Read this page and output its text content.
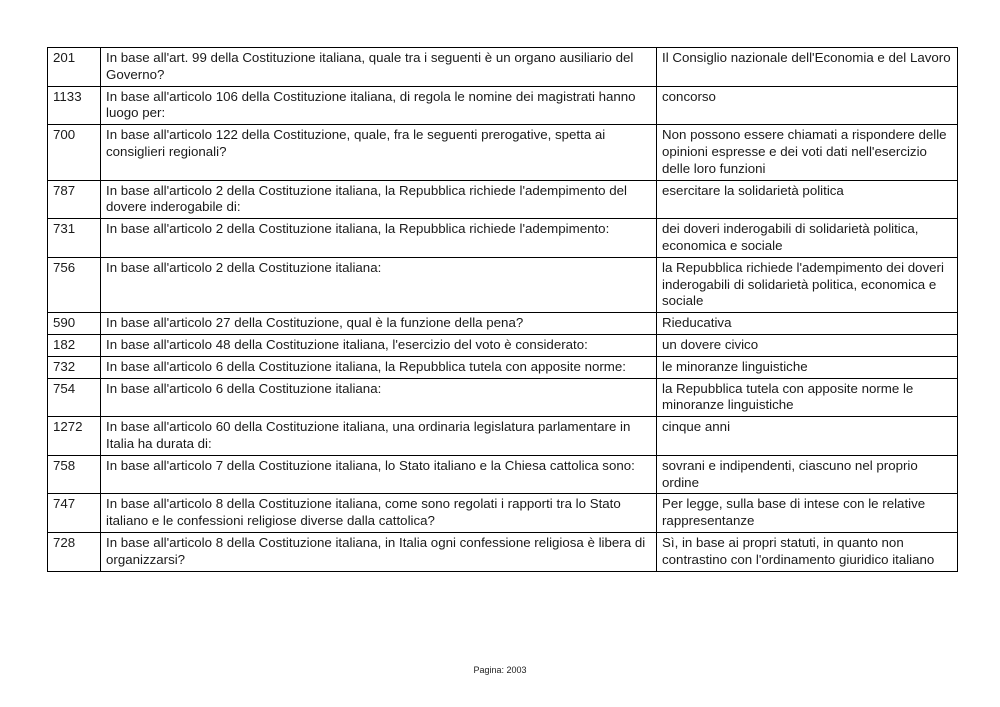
201	In base all'art. 99 della Costituzione italiana, quale tra i seguenti è un organo ausiliario del Governo?	Il Consiglio nazionale dell'Economia e del Lavoro
1133	In base all'articolo 106 della Costituzione italiana, di regola le nomine dei magistrati hanno luogo per:	concorso
700	In base all'articolo 122 della Costituzione, quale, fra le seguenti prerogative, spetta ai consiglieri regionali?	Non possono essere chiamati a rispondere delle opinioni espresse e dei voti dati nell'esercizio delle loro funzioni
787	In base all'articolo 2 della Costituzione italiana, la Repubblica richiede l'adempimento del dovere inderogabile di:	esercitare la solidarietà politica
731	In base all'articolo 2 della Costituzione italiana, la Repubblica richiede l'adempimento:	dei doveri inderogabili di solidarietà politica, economica e sociale
756	In base all'articolo 2 della Costituzione italiana:	la Repubblica richiede l'adempimento dei doveri inderogabili di solidarietà politica, economica e sociale
590	In base all'articolo 27 della Costituzione, qual è la funzione della pena?	Rieducativa
182	In base all'articolo 48 della Costituzione italiana, l'esercizio del voto è considerato:	un dovere civico
732	In base all'articolo 6 della Costituzione italiana, la Repubblica tutela con apposite norme:	le minoranze linguistiche
754	In base all'articolo 6 della Costituzione italiana:	la Repubblica tutela con apposite norme le minoranze linguistiche
1272	In base all'articolo 60 della Costituzione italiana, una ordinaria legislatura parlamentare in Italia ha durata di:	cinque anni
758	In base all'articolo 7 della Costituzione italiana, lo Stato italiano e la Chiesa cattolica sono:	sovrani e indipendenti, ciascuno nel proprio ordine
747	In base all'articolo 8 della Costituzione italiana, come sono regolati i rapporti tra lo Stato italiano e le confessioni religiose diverse dalla cattolica?	Per legge, sulla base di intese con le relative rappresentanze
728	In base all'articolo 8 della Costituzione italiana, in Italia ogni confessione religiosa è libera di organizzarsi?	Sì, in base ai propri statuti, in quanto non contrastino con l'ordinamento giuridico italiano
Pagina: 2003
